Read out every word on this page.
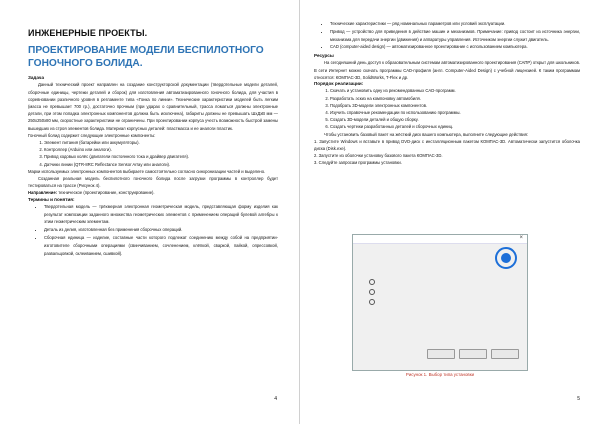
ИНЖЕНЕРНЫЕ ПРОЕКТЫ.
ПРОЕКТИРОВАНИЕ МОДЕЛИ БЕСПИЛОТНОГО ГОНОЧНОГО БОЛИДА.
Задача
Данный технический проект направлен на создание конструкторской документации (твердотельные модели деталей, сборочные единицы, чертежи деталей и сборок) для изготовления автоматизированного гоночного болида, для участия в соревновании различного уровня в регламенте типа «Гонка по линии». Технические характеристики моделей быть легким (масса не превышает 700 гр.), достаточно прочным (при ударах о сравнительный, трасса ломаться должны электронные детали, при этом попадка электронных компонентов должна быть исключена), габариты должны не превышать ШxДxВ мм — 250x250x80 мм, скоростные характеристики не ограничены. При проектировании корпуса учесть возможность быстрой замены вышедших из строя элементов болида. Материал корпусных деталей: пластмасса и ее аналоги пластик.
Гоночный болид содержит следующие электронные компоненты:
1. Элемент питания (батарейки или аккумуляторы).
2. Контроллер (Arduino или аналоги).
3. Привод ходовых колёс (двигатели постоянного тока и драйвер двигателя).
4. Датчики линии (QTR-8RC Reflectance Sensor Array или аналоги).
Марки используемых электронных компонентов выбираете самостоятельно согласно синхронизации частей и выделено.
Созданная реальная модель беспилотного гоночного болида после загрузки программы в контроллер будет тестироваться на трассе (Рисунок 4).
Направление: техническое (проектирование, конструирование).
Термины и понятия:
• Твердотельная модель — трёхмерная электронная геометрическая модель, представляющая форму изделия как результат композиции заданного множества геометрических элементов с применением операций булевой алгебры к этим геометрическим элементам.
• Деталь из делия, изготовленная без применения сборочных операций.
• Сборочная единица — изделие, составные части которого подлежат соединению между собой на предприятии-изготовителе сборочными операциями (свинчиванием, сочленением, клёпкой, сваркой, пайкой, опрессовкой, развальцовкой, склеиванием, сшивкой).
4
• Технические характеристики — ряд номинальных параметров или условий эксплуатации.
• Привод — устройство для приведения в действие машин и механизмов. Примечание: привод состоит из источника энергии, механизма для передачи энергии (движения) и аппаратуры управления. Источником энергии служит двигатель.
• CAD (computer-aided design) — автоматизированное проектирование с использованием компьютера.
Ресурсы
На сегодняшний день доступ к образовательным системам автоматизированного проектирования (САПР) открыт для школьников. В сети Интернет можно скачать программы CAD-профиля (англ. Computer-Aided Design) с учебной лицензией. К таким программам относятся: КОМПАС-3D, SolidWorks, T-Flex и др.
Порядок реализации:
1. Скачать и установить одну из рекомендованных CAD-программ.
2. Разработать эскиз на компоновку автомобиля.
3. Подобрать 3D-модели электронных компонентов.
4. Изучить справочные рекомендации по использованию программы.
5. Создать 3D-модели деталей и общую сборку.
6. Создать чертежи разработанных деталей и сборочных единиц.
Чтобы установить базовый пакет на жёсткий диск вашего компьютера, выполните следующие действия:
1. Запустите Windows и вставьте в привод DVD-диск с инсталляционным пакетом КОМПАС-3D. Автоматически запустится оболочка диска (Disk.exe).
2. Запустите из оболочки установку базового пакета КОМПАС-3D.
3. Следуйте запросам программы установки.
×
Рисунок 1. Выбор типа установки
5
